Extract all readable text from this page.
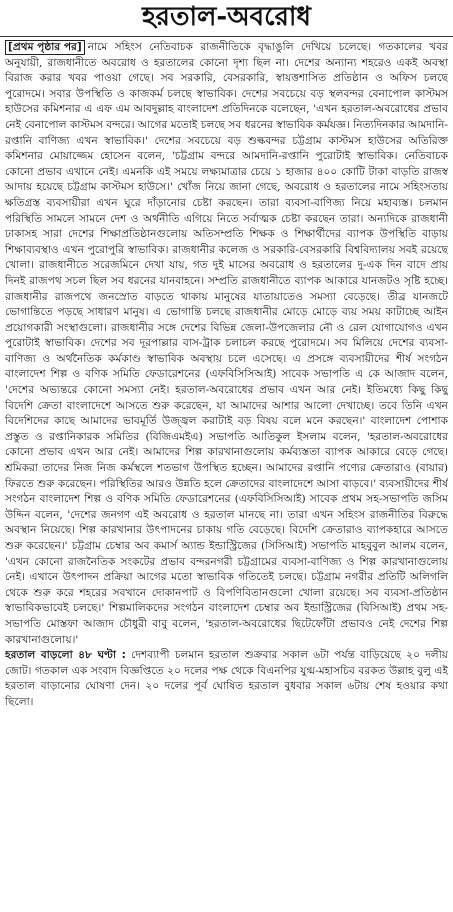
হরতাল-অবরোধ

[প্রথম পৃষ্ঠার পর] নামে সহিংস নেতিবাচক রাজনীতিকে বৃদ্ধাঙুলি দেখিয়ে চলেছে। গতকালের খবর অনুযায়ী, রাজধানীতে অবরোধ ও হরতালের কোনো দৃশ্য ছিল না। দেশের অন্যান্য শহরেও একই অবস্থা বিরাজ করার খবর পাওয়া গেছে। সব সরকারি, বেসরকারি, স্বায়ত্তশাসিত প্রতিষ্ঠান ও অফিস চলছে পুরোদমে। সবার উপস্থিতি ও কাজকর্ম চলছে স্বাভাবিক। দেশের সবচেয়ে বড় স্থলবন্দর বেনাপোল কাস্টমস হাউসের কমিশনার এ এফ এম আবদুল্লাহ বাংলাদেশ প্রতিদিনকে বলেছেন, 'এখন হরতাল-অবরোধের প্রভাব নেই বেনাপোল কাস্টমস বন্দরে। আগের মতোই চলছে সব ধরনের স্বাভাবিক কর্মযজ্ঞ। নিত্যদিনকার আমদানি-রপ্তানি বাণিজ্য এখন স্বাভাবিক।' দেশের সবচেয়ে বড় শুল্কবন্দর চট্টগ্রাম কাস্টমস হাউসের অতিরিক্ত কমিশনার মোয়াজ্জেম হোসেন বলেন, 'চট্টগ্রাম বন্দরে আমদানি-রপ্তানি পুরোটাই স্বাভাবিক। নেতিবাচক কোনো প্রভাব এখানে নেই। এমনকি এই সময়ে লক্ষ্যমাত্রার চেয়ে ১ হাজার ৪০০ কোটি টাকা বাড়তি রাজস্ব আদায় হয়েছে চট্টগ্রাম কাস্টমস হাউসে।' খোঁজ নিয়ে জানা গেছে, অবরোধ ও হরতালের নামে সহিংসতায় ক্ষতিগ্রস্ত ব্যবসায়ীরা এখন ঘুরে দাঁড়ানোর চেষ্টা করছেন। তারা ব্যবসা-বাণিজ্য নিয়ে মহাব্যস্ত। চলমান পরিস্থিতি সামলে সামনে দেশ ও অর্থনীতি এগিয়ে নিতে সর্বাত্মক চেষ্টা করছেন তারা। অন্যদিকে রাজধানী ঢাকাসহ সারা দেশের শিক্ষাপ্রতিষ্ঠানগুলোয় অতিসম্প্রতি শিক্ষক ও শিক্ষার্থীদের ব্যাপক উপস্থিতি বাড়ায় শিক্ষাব্যবস্থাও এখন পুরোপুরি স্বাভাবিক। রাজধানীর কলেজ ও সরকারি-বেসরকারি বিশ্ববিদ্যালয় সবই রয়েছে খোলা। রাজধানীতে সরেজমিনে দেখা যায়, গত দুই মাসের অবরোধ ও হরতালের দু-এক দিন বাদে প্রায় দিনই রাজপথ সচল ছিল সব ধরনের যানবাহনে। সম্প্রতি রাজধানীতে ব্যাপক আকারে যানজটও সৃষ্টি হচ্ছে। রাজধানীর রাজপথে জনস্রোত বাড়তে থাকায় মানুষের যাতায়াতেও সমস্যা বেড়েছে। তীব্র যানজটে ভোগান্তিতে পড়ছে সাধারণ মানুষ। এ ভোগান্তি চলছে রাজধানীর মোড়ে মোড়ে ব্যয় সময় কাটাচ্ছে আইন প্রয়োগকারী সংস্থাগুলো। রাজধানীর সঙ্গে দেশের বিভিন্ন জেলা-উপজেলার নৌ ও রেল যোগাযোগও এখন পুরোটাই স্বাভাবিক। দেশের সব দূরপাল্লার বাস-ট্রাক চলাচল করছে পুরোদমে। সব মিলিয়ে দেশের ব্যবসা-বাণিজ্য ও অর্থনৈতিক কর্মকাণ্ড স্বাভাবিক অবস্থায় চলে এসেছে। এ প্রসঙ্গে ব্যবসায়ীদের শীর্ষ সংগঠন বাংলাদেশ শিল্প ও বণিক সমিতি ফেডারেশনের (এফবিসিসিআই) সাবেক সভাপতি এ কে আজাদ বলেন, 'দেশের অভ্যন্তরে কোনো সমস্যা নেই। হরতাল-অবরোধের প্রভাব এখন আর নেই। ইতিমধ্যে কিছু কিছু বিদেশি ক্রেতা বাংলাদেশে আসতে শুরু করেছেন, যা আমাদের আশার আলো দেখাচ্ছে। তবে তিনি এখন বিদেশিদের কাছে আমাদের ভাবমূর্তি উজ্জ্বল করাটাই বড় বিষয় বলে মনে করছেন।' বাংলাদেশ পোশাক প্রস্তুত ও রপ্তানিকারক সমিতির (বিজিএমইএ) সভাপতি আতিকুল ইসলাম বলেন, 'হরতাল-অবরোধের কোনো প্রভাব এখন আর নেই। আমাদের শিল্প কারখানাগুলোয় কর্মব্যস্ততা ব্যাপক আকারে বেড়ে গেছে। শ্রমিকরা তাদের নিজ নিজ কর্মস্থলে শতভাগ উপস্থিত হচ্ছেন। আমাদের রপ্তানি পণ্যের ক্রেতারাও (বায়ার) ফিরতে শুরু করেছেন। পরিস্থিতির আরও উন্নতি হলে ক্রেতাদের বাংলাদেশে আসা বাড়বে।' ব্যবসায়ীদের শীর্ষ সংগঠন বাংলাদেশ শিল্প ও বণিক সমিতি ফেডারেশনের (এফবিসিসিআই) সাবেক প্রথম সহ-সভাপতি জসিম উদ্দিন বলেন, 'দেশের জনগণ এই অবরোধ ও হরতাল মানছে না। তারা এখন সহিংস রাজনীতির বিরুদ্ধে অবস্থান নিয়েছে। শিল্প কারখানার উৎপাদনের চাকায় গতি বেড়েছে। বিদেশি ক্রেতারাও ব্যাপকহারে আসতে শুরু করেছেন।' চট্টগ্রাম চেম্বার অব কমার্স অ্যান্ড ইন্ডাস্ট্রিজের (সিসিআই) সভাপতি মাহবুবুল আলম বলেন, 'এখন কোনো রাজনৈতিক সংকটের প্রভাব বন্দরনগরী চট্টগ্রামের ব্যবসা-বাণিজ্য ও শিল্প কারখানাগুলোয় নেই। এখানে উৎপাদন প্রক্রিয়া আগের মতো স্বাভাবিক গতিতেই চলছে। চট্টগ্রাম নগরীর প্রতিটি অলিগলি থেকে শুরু করে শহরের সবখানে দোকানপাট ও বিপণিবিতানগুলো খোলা রয়েছে। সব ব্যবসা-প্রতিষ্ঠান স্বাভাবিকভাবেই চলছে।' শিল্পমালিকদের সংগঠন বাংলাদেশ চেম্বার অব ইন্ডাস্ট্রিজের (বিসিআই) প্রথম সহ-সভাপতি মোস্তফা আজাদ চৌধুরী বাবু বলেন, 'হরতাল-অবরোধের ছিটেফোঁটা প্রভাবও নেই দেশের শিল্প কারখানাগুলোয়।'

হরতাল বাড়লো ৪৮ ঘণ্টা : দেশব্যাপী চলমান হরতাল শুক্রবার সকাল ৬টা পর্যন্ত বাড়িয়েছে ২০ দলীয় জোট। গতকাল এক সংবাদ বিজ্ঞপ্তিতে ২০ দলের পক্ষ থেকে বিএনপির যুগ্ম-মহাসচিব বরকত উল্লাহ বুলু এই হরতাল বাড়ানোর ঘোষণা দেন। ২০ দলের পূর্ব ঘোষিত হরতাল বুধবার সকাল ৬টায় শেষ হওয়ার কথা ছিলো।
